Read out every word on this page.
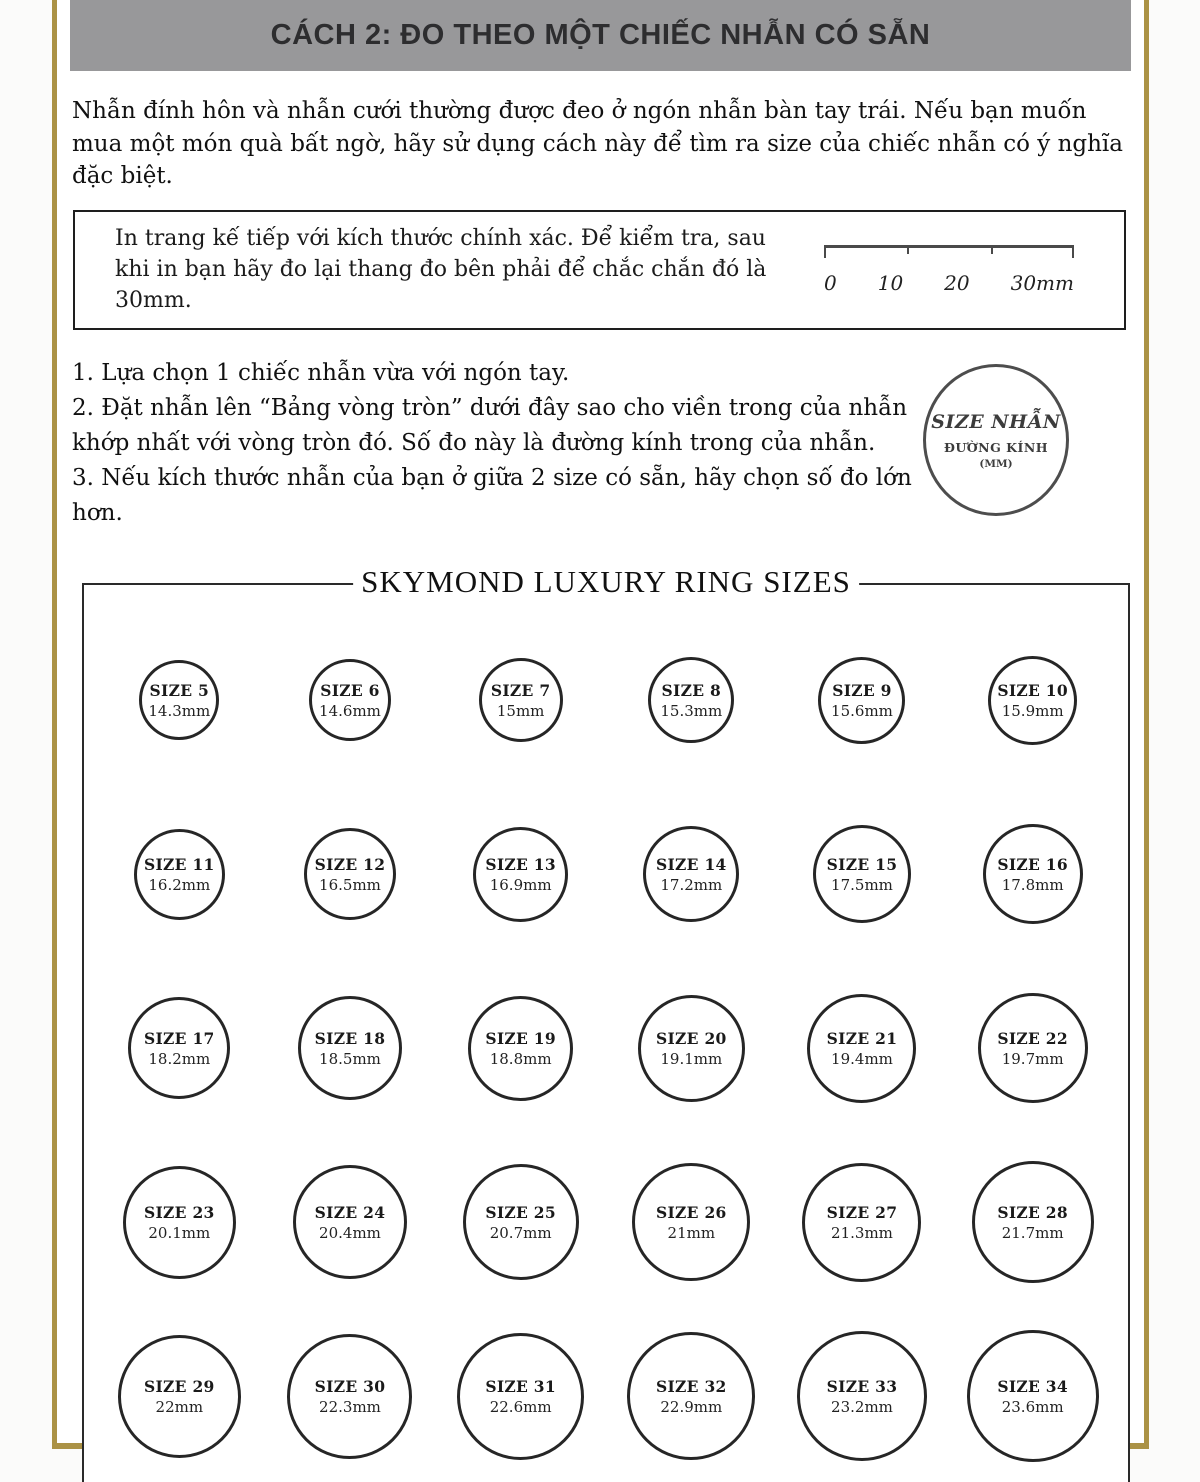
CÁCH 2: ĐO THEO MỘT CHIẾC NHẪN CÓ SẴN

Nhẫn đính hôn và nhẫn cưới thường được đeo ở ngón nhẫn bàn tay trái. Nếu bạn muốn mua một món quà bất ngờ, hãy sử dụng cách này để tìm ra size của chiếc nhẫn có ý nghĩa đặc biệt.

In trang kế tiếp với kích thước chính xác. Để kiểm tra, sau khi in bạn hãy đo lại thang đo bên phải để chắc chắn đó là 30mm.
0 10 20 30mm

1. Lựa chọn 1 chiếc nhẫn vừa với ngón tay.

2. Đặt nhẫn lên “Bảng vòng tròn” dưới đây sao cho viền trong của nhẫn khớp nhất với vòng tròn đó. Số đo này là đường kính trong của nhẫn.

3. Nếu kích thước nhẫn của bạn ở giữa 2 size có sẵn, hãy chọn số đo lớn hơn.

SIZE NHẪN
ĐƯỜNG KÍNH
(MM)
SKYMOND LUXURY RING SIZES
SIZE 5
14.3mm
SIZE 6
14.6mm
SIZE 7
15mm
SIZE 8
15.3mm
SIZE 9
15.6mm
SIZE 10
15.9mm
SIZE 11
16.2mm
SIZE 12
16.5mm
SIZE 13
16.9mm
SIZE 14
17.2mm
SIZE 15
17.5mm
SIZE 16
17.8mm
SIZE 17
18.2mm
SIZE 18
18.5mm
SIZE 19
18.8mm
SIZE 20
19.1mm
SIZE 21
19.4mm
SIZE 22
19.7mm
SIZE 23
20.1mm
SIZE 24
20.4mm
SIZE 25
20.7mm
SIZE 26
21mm
SIZE 27
21.3mm
SIZE 28
21.7mm
SIZE 29
22mm
SIZE 30
22.3mm
SIZE 31
22.6mm
SIZE 32
22.9mm
SIZE 33
23.2mm
SIZE 34
23.6mm
